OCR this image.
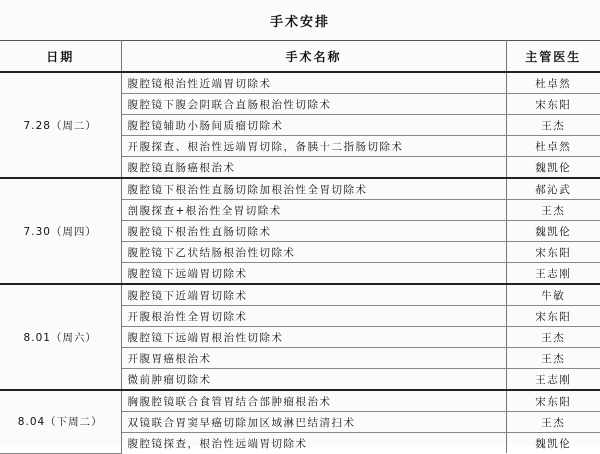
手术安排
日期	手术名称	主管医生
7.28（周二）	腹腔镜根治性近端胃切除术	杜卓然
	腹腔镜下腹会阴联合直肠根治性切除术	宋东阳
	腹腔镜辅助小肠间质瘤切除术	王杰
	开腹探查、根治性远端胃切除，备胰十二指肠切除术	杜卓然
	腹腔镜直肠癌根治术	魏凯伦
7.30（周四）	腹腔镜下根治性直肠切除加根治性全胃切除术	郝沁武
	剖腹探查+根治性全胃切除术	王杰
	腹腔镜下根治性直肠切除术	魏凯伦
	腹腔镜下乙状结肠根治性切除术	宋东阳
	腹腔镜下远端胃切除术	王志刚
8.01（周六）	腹腔镜下近端胃切除术	牛敏
	开腹根治性全胃切除术	宋东阳
	腹腔镜下远端胃根治性切除术	王杰
	开腹胃癌根治术	王杰
	微前肿瘤切除术	王志刚
8.04（下周二）	胸腹腔镜联合食管胃结合部肿瘤根治术	宋东阳
	双镜联合胃窦早癌切除加区域淋巴结清扫术	王杰
	腹腔镜探查，根治性远端胃切除术	魏凯伦
